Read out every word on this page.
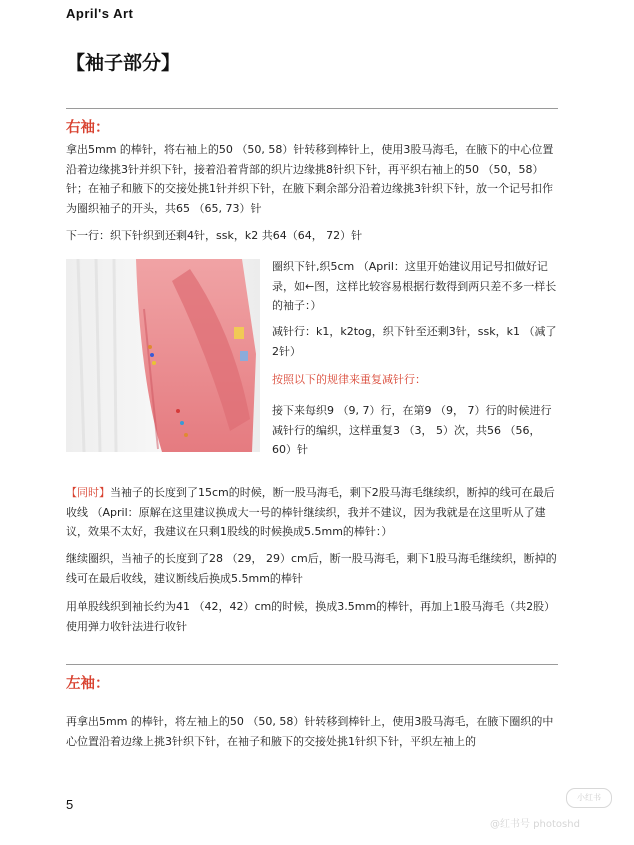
April's Art
【袖子部分】
右袖：
拿出5mm 的棒针，将右袖上的50 （50, 58）针转移到棒针上，使用3股马海毛，在腋下的中心位置沿着边缘挑3针并织下针，接着沿着背部的织片边缘挑8针织下针，再平织右袖上的50 （50，58）针；在袖子和腋下的交接处挑1针并织下针，在腋下剩余部分沿着边缘挑3针织下针，放一个记号扣作为圈织袖子的开头，共65 （65, 73）针
下一行：织下针织到还剩4针，ssk，k2 共64（64， 72）针
圈织下针,织5cm （April：这里开始建议用记号扣做好记录，如←图，这样比较容易根据行数得到两只差不多一样长的袖子：）
减针行：k1，k2tog，织下针至还剩3针，ssk，k1 （减了2针）
按照以下的规律来重复减针行：
接下来每织9 （9, 7）行，在第9 （9， 7）行的时候进行减针行的编织，这样重复3 （3， 5）次，共56 （56， 60）针
【同时】当袖子的长度到了15cm的时候，断一股马海毛，剩下2股马海毛继续织，断掉的线可在最后收线 （April：原解在这里建议换成大一号的棒针继续织，我并不建议，因为我就是在这里听从了建议，效果不太好，我建议在只剩1股线的时候换成5.5mm的棒针：）
继续圈织，当袖子的长度到了28 （29， 29）cm后，断一股马海毛，剩下1股马海毛继续织，断掉的线可在最后收线，建议断线后换成5.5mm的棒针
用单股线织到袖长约为41 （42，42）cm的时候，换成3.5mm的棒针，再加上1股马海毛（共2股）使用弹力收针法进行收针
左袖：
再拿出5mm 的棒针，将左袖上的50 （50, 58）针转移到棒针上，使用3股马海毛，在腋下圈织的中心位置沿着边缘上挑3针织下针，在袖子和腋下的交接处挑1针织下针，平织左袖上的
5	小红书
@红书号 photoshd
